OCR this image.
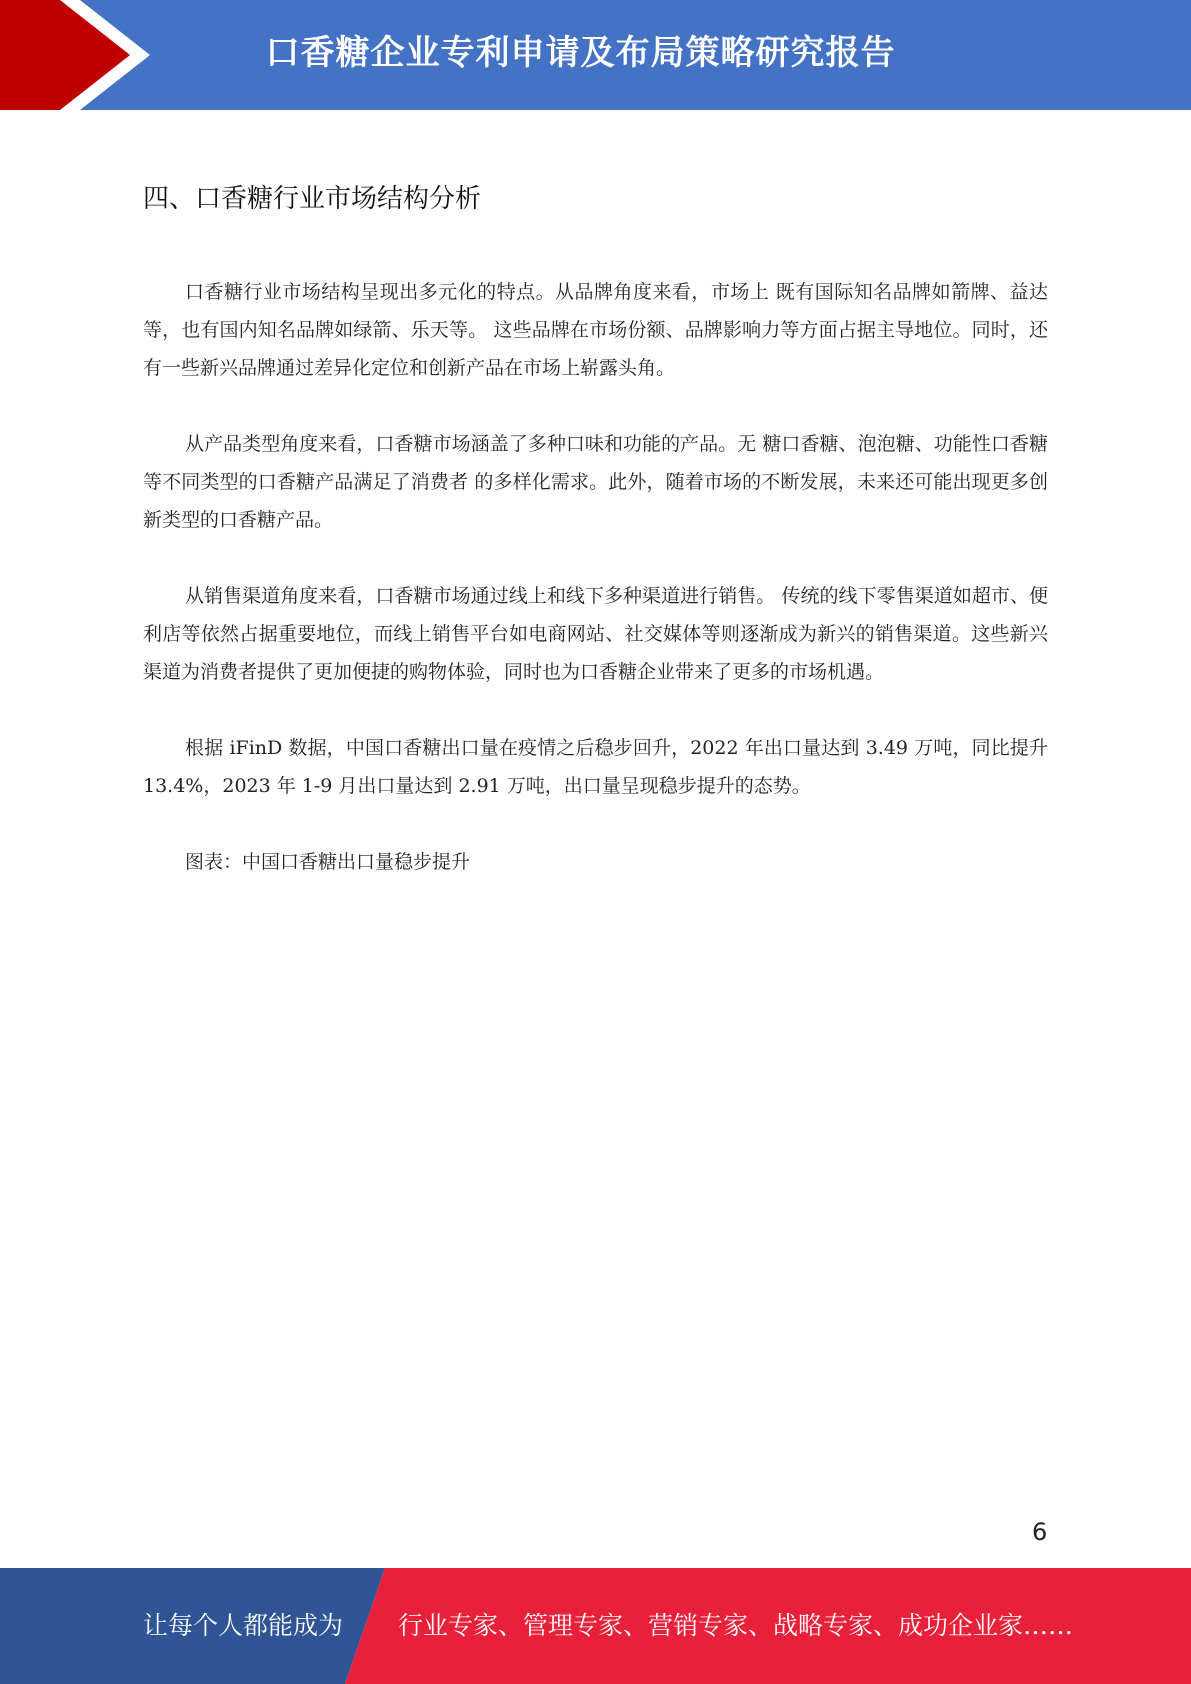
口香糖企业专利申请及布局策略研究报告
四、口香糖行业市场结构分析

口香糖行业市场结构呈现出多元化的特点。从品牌角度来看，市场上 既有国际知名品牌如箭牌、益达等，也有国内知名品牌如绿箭、乐天等。 这些品牌在市场份额、品牌影响力等方面占据主导地位。同时，还有一些新兴品牌通过差异化定位和创新产品在市场上崭露头角。

从产品类型角度来看，口香糖市场涵盖了多种口味和功能的产品。无 糖口香糖、泡泡糖、功能性口香糖等不同类型的口香糖产品满足了消费者 的多样化需求。此外，随着市场的不断发展，未来还可能出现更多创新类型的口香糖产品。

从销售渠道角度来看，口香糖市场通过线上和线下多种渠道进行销售。 传统的线下零售渠道如超市、便利店等依然占据重要地位，而线上销售平台如电商网站、社交媒体等则逐渐成为新兴的销售渠道。这些新兴渠道为消费者提供了更加便捷的购物体验，同时也为口香糖企业带来了更多的市场机遇。

根据 iFinD 数据，中国口香糖出口量在疫情之后稳步回升，2022 年出口量达到 3.49 万吨，同比提升 13.4%，2023 年 1-9 月出口量达到 2.91 万吨，出口量呈现稳步提升的态势。

图表：中国口香糖出口量稳步提升

6
让每个人都能成为 行业专家、管理专家、营销专家、战略专家、成功企业家……
